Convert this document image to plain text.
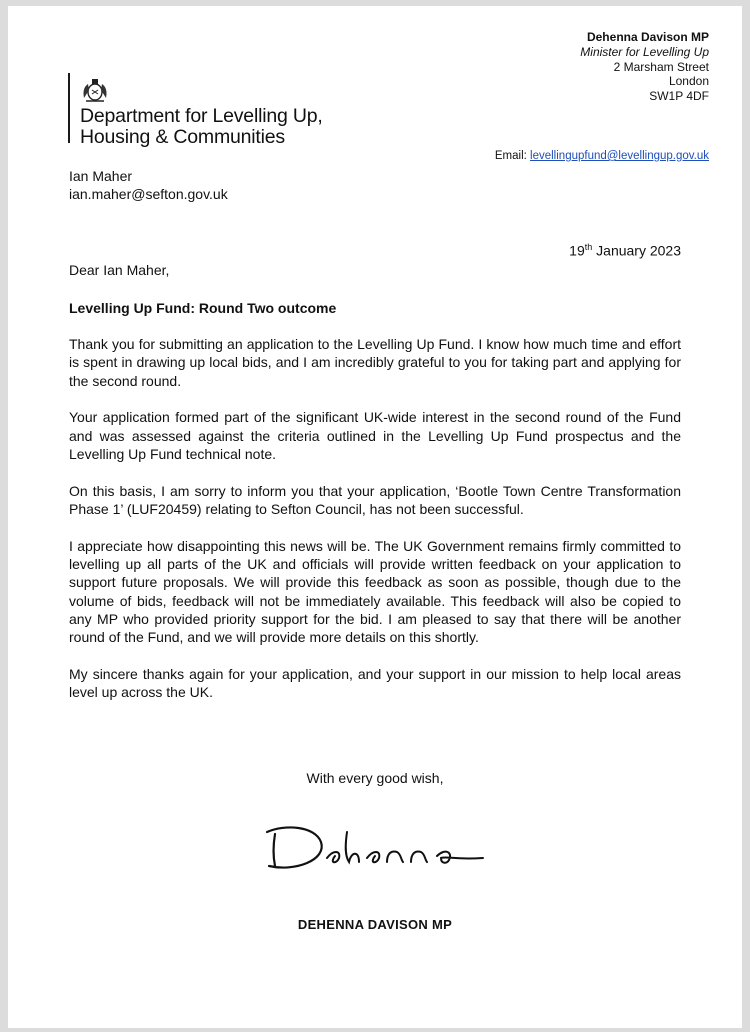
Department for Levelling Up,
Housing & Communities
Dehenna Davison MP
Minister for Levelling Up
2 Marsham Street
London
SW1P 4DF
Email: levellingupfund@levellingup.gov.uk
Ian Maher
ian.maher@sefton.gov.uk
19th January 2023
Dear Ian Maher,
Levelling Up Fund: Round Two outcome

Thank you for submitting an application to the Levelling Up Fund. I know how much time and effort is spent in drawing up local bids, and I am incredibly grateful to you for taking part and applying for the second round.

Your application formed part of the significant UK-wide interest in the second round of the Fund and was assessed against the criteria outlined in the Levelling Up Fund prospectus and the Levelling Up Fund technical note.

On this basis, I am sorry to inform you that your application, ‘Bootle Town Centre Transformation Phase 1’ (LUF20459) relating to Sefton Council, has not been successful.

I appreciate how disappointing this news will be. The UK Government remains firmly committed to levelling up all parts of the UK and officials will provide written feedback on your application to support future proposals. We will provide this feedback as soon as possible, though due to the volume of bids, feedback will not be immediately available. This feedback will also be copied to any MP who provided priority support for the bid. I am pleased to say that there will be another round of the Fund, and we will provide more details on this shortly.

My sincere thanks again for your application, and your support in our mission to help local areas level up across the UK.

With every good wish,
DEHENNA DAVISON MP
